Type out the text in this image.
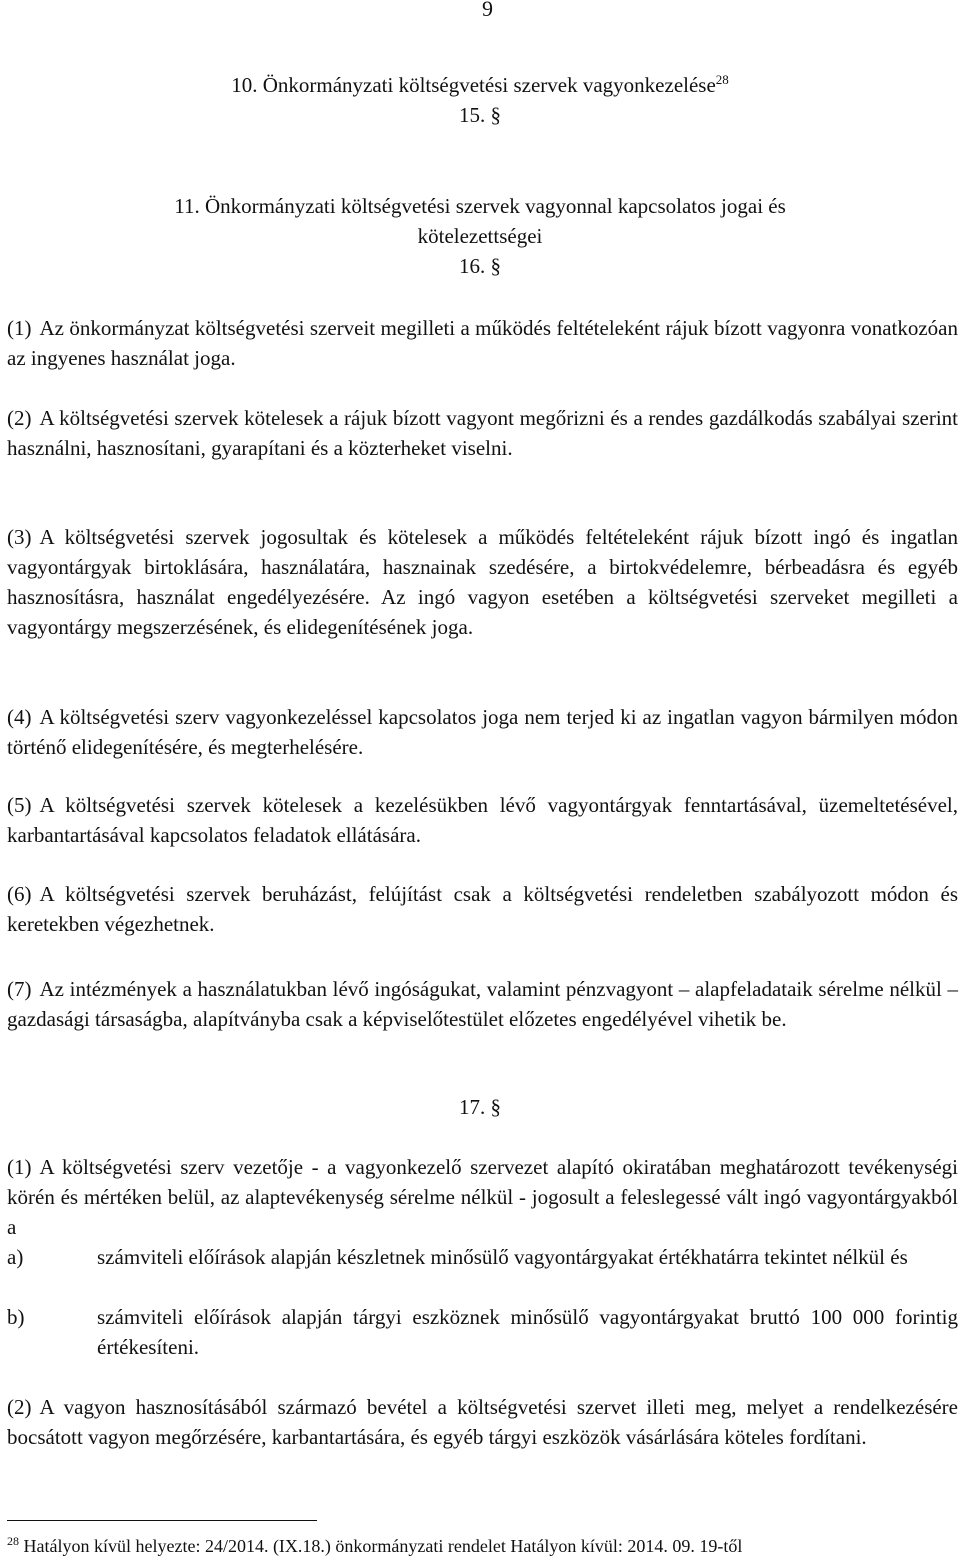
9
10. Önkormányzati költségvetési szervek vagyonkezelése$^{28}$
15. §
11. Önkormányzati költségvetési szervek vagyonnal kapcsolatos jogai és
kötelezettségei
16. §
(1) Az önkormányzat költségvetési szerveit megilleti a működés feltételeként rájuk bízott vagyonra vonatkozóan az ingyenes használat joga.
(2) A költségvetési szervek kötelesek a rájuk bízott vagyont megőrizni és a rendes gazdálkodás szabályai szerint használni, hasznosítani, gyarapítani és a közterheket viselni.
(3) A költségvetési szervek jogosultak és kötelesek a működés feltételeként rájuk bízott ingó és ingatlan vagyontárgyak birtoklására, használatára, hasznainak szedésére, a birtokvédelemre, bérbeadásra és egyéb hasznosításra, használat engedélyezésére. Az ingó vagyon esetében a költségvetési szerveket megilleti a vagyontárgy megszerzésének, és elidegenítésének joga.
(4) A költségvetési szerv vagyonkezeléssel kapcsolatos joga nem terjed ki az ingatlan vagyon bármilyen módon történő elidegenítésére, és megterhelésére.
(5) A költségvetési szervek kötelesek a kezelésükben lévő vagyontárgyak fenntartásával, üzemeltetésével, karbantartásával kapcsolatos feladatok ellátására.
(6) A költségvetési szervek beruházást, felújítást csak a költségvetési rendeletben szabályozott módon és keretekben végezhetnek.
(7) Az intézmények a használatukban lévő ingóságukat, valamint pénzvagyont – alapfeladataik sérelme nélkül – gazdasági társaságba, alapítványba csak a képviselőtestület előzetes engedélyével vihetik be.
17. §
(1) A költségvetési szerv vezetője - a vagyonkezelő szervezet alapító okiratában meghatározott tevékenységi körén és mértéken belül, az alaptevékenység sérelme nélkül - jogosult a feleslegessé vált ingó vagyontárgyakból a
a)	számviteli előírások alapján készletnek minősülő vagyontárgyakat értékhatárra tekintet nélkül és
b)	számviteli előírások alapján tárgyi eszköznek minősülő vagyontárgyakat bruttó 100 000 forintig értékesíteni.
(2) A vagyon hasznosításából származó bevétel a költségvetési szervet illeti meg, melyet a rendelkezésére bocsátott vagyon megőrzésére, karbantartására, és egyéb tárgyi eszközök vásárlására köteles fordítani.
$^{28}$ Hatályon kívül helyezte: 24/2014. (IX.18.) önkormányzati rendelet Hatályon kívül: 2014. 09. 19-től
